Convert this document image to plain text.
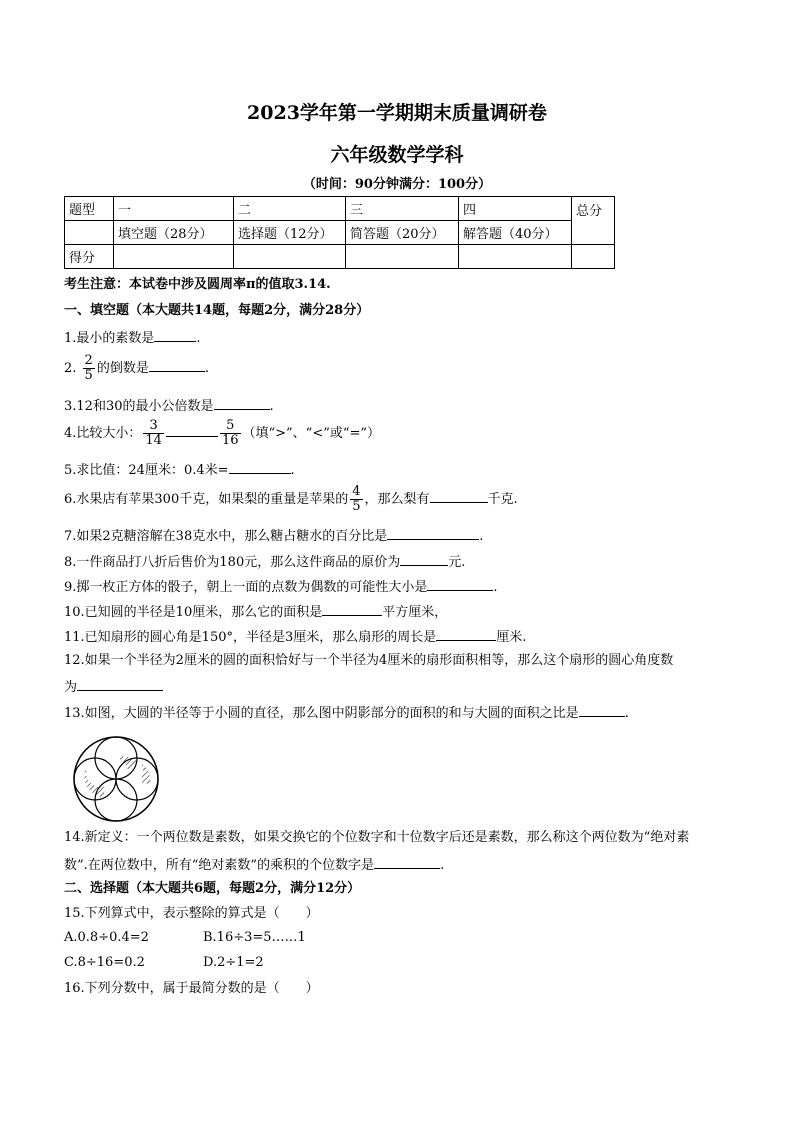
2023学年第一学期期末质量调研卷
六年级数学学科
（时间：90分钟满分：100分）
题型	一	二	三	四	总分
	填空题（28分）	选择题（12分）	简答题（20分）	解答题（40分）	
得分					
考生注意：本试卷中涉及圆周率π的值取3.14.
一、填空题（本大题共14题，每题2分，满分28分）
1.最小的素数是	.
2. $\frac{2}{5}$ 的倒数是	.
3.12和30的最小公倍数是	.
4.比较大小： $\frac{3}{14}$	$\frac{5}{16}$ （填“>”、“<”或“=”）
5.求比值：24厘米：0.4米=	.
6.水果店有苹果300千克，如果梨的重量是苹果的 $\frac{4}{5}$ ，那么梨有	千克.
7.如果2克糖溶解在38克水中，那么糖占糖水的百分比是	.
8.一件商品打八折后售价为180元，那么这件商品的原价为	元.
9.掷一枚正方体的骰子，朝上一面的点数为偶数的可能性大小是	.
10.已知圆的半径是10厘米，那么它的面积是	平方厘米，
11.已知扇形的圆心角是150°，半径是3厘米，那么扇形的周长是	厘米.
12.如果一个半径为2厘米的圆的面积恰好与一个半径为4厘米的扇形面积相等，那么这个扇形的圆心角度数
为
13.如图，大圆的半径等于小圆的直径，那么图中阴影部分的面积的和与大圆的面积之比是	.
14.新定义：一个两位数是素数，如果交换它的个位数字和十位数字后还是素数，那么称这个两位数为“绝对素
数”.在两位数中，所有“绝对素数”的乘积的个位数字是	.
二、选择题（本大题共6题，每题2分，满分12分）
15.下列算式中，表示整除的算式是（　　）
A.0.8÷0.4=2	B.16÷3=5……1
C.8÷16=0.2	D.2÷1=2
16.下列分数中，属于最简分数的是（　　）
